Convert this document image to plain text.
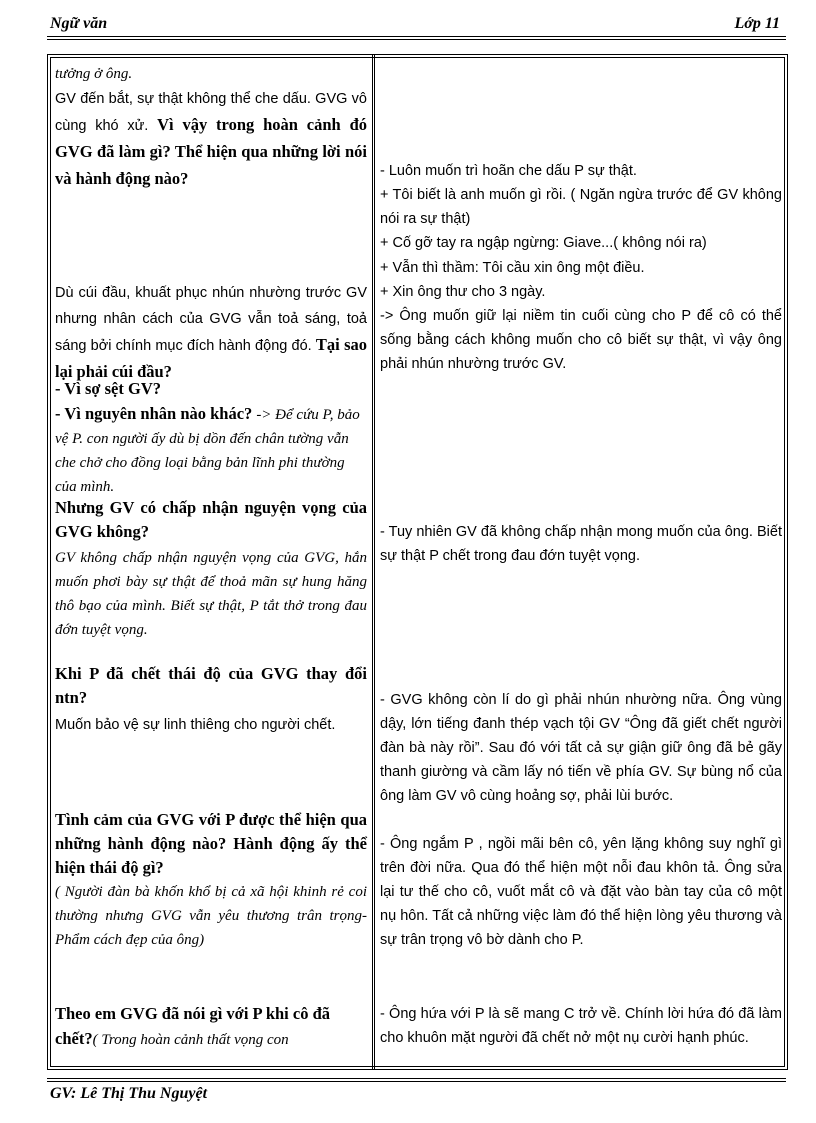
Ngữ văn	Lớp 11
tưởng ở ông.
GV đến bắt, sự thật không thể che dấu. GVG vô cùng khó xử. Vì vậy trong hoàn cảnh đó GVG đã làm gì? Thể hiện qua những lời nói và hành động nào?
Dù cúi đầu, khuất phục nhún nhường trước GV nhưng nhân cách của GVG vẫn toả sáng, toả sáng bởi chính mục đích hành động đó. Tại sao lại phải cúi đầu?
- Vì sợ sệt GV?
- Vì nguyên nhân nào khác? -> Để cứu P, bảo vệ P. con người ấy dù bị dồn đến chân tường vẫn che chở cho đồng loại bằng bản lĩnh phi thường của mình.
Nhưng GV có chấp nhận nguyện vọng của GVG không?
GV không chấp nhận nguyện vọng của GVG, hắn muốn phơi bày sự thật để thoả mãn sự hung hăng thô bạo của mình. Biết sự thật, P tắt thở trong đau đớn tuyệt vọng.
Khi P đã chết thái độ của GVG thay đổi ntn?
Muốn bảo vệ sự linh thiêng cho người chết.
Tình cảm của GVG với P được thể hiện qua những hành động nào? Hành động ấy thể hiện thái độ gì?
( Người đàn bà khốn khổ bị cả xã hội khinh rẻ coi thường nhưng GVG vẫn yêu thương trân trọng- Phẩm cách đẹp của ông)
Theo em GVG đã nói gì với P khi cô đã chết?( Trong hoàn cảnh thất vọng con
- Luôn muốn trì hoãn che dấu P sự thật.
+ Tôi biết là anh muốn gì rồi. ( Ngăn ngừa trước để GV không nói ra sự thật)
+ Cố gỡ tay ra ngập ngừng: Giave...( không nói ra)
+ Vẫn thì thầm: Tôi cầu xin ông một điều.
+ Xin ông thư cho 3 ngày.
-> Ông muốn giữ lại niềm tin cuối cùng cho P để cô có thể sống bằng cách không muốn cho cô biết sự thật, vì vậy ông phải nhún nhường trước GV.
- Tuy nhiên GV đã không chấp nhận mong muốn của ông. Biết sự thật P chết trong đau đớn tuyệt vọng.
- GVG không còn lí do gì phải nhún nhường nữa. Ông vùng dậy, lớn tiếng đanh thép vạch tội GV “Ông đã giết chết người đàn bà này rồi”. Sau đó với tất cả sự giận giữ ông đã bẻ gãy thanh giường và cầm lấy nó tiến về phía GV. Sự bùng nổ của ông làm GV vô cùng hoảng sợ, phải lùi bước.
- Ông ngắm P , ngồi mãi bên cô, yên lặng không suy nghĩ gì trên đời nữa. Qua đó thể hiện một nỗi đau khôn tả. Ông sửa lại tư thế cho cô, vuốt mắt cô và đặt vào bàn tay của cô một nụ hôn. Tất cả những việc làm đó thể hiện lòng yêu thương và sự trân trọng vô bờ dành cho P.
- Ông hứa với P là sẽ mang C trở về. Chính lời hứa đó đã làm cho khuôn mặt người đã chết nở một nụ cười hạnh phúc.
GV: Lê Thị Thu Nguyệt
